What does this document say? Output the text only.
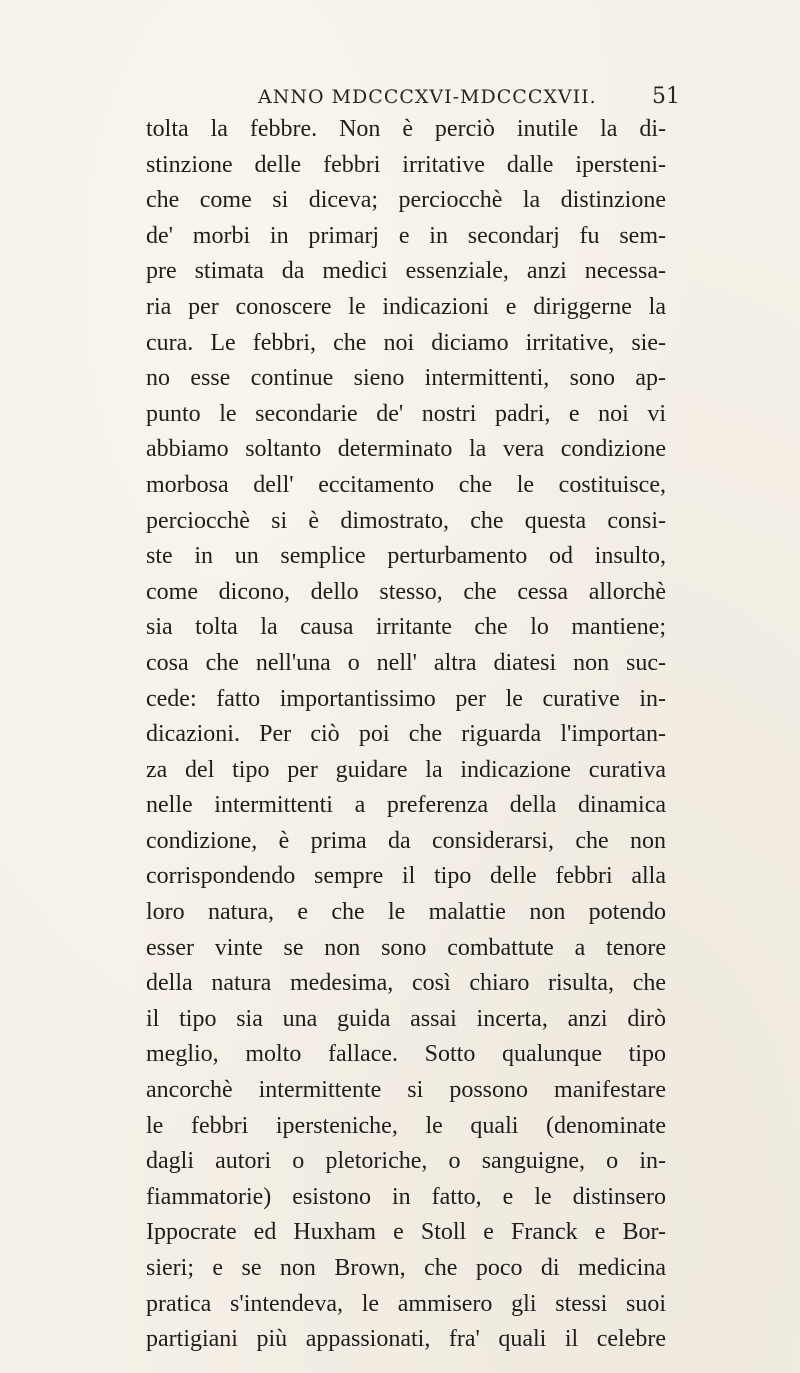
ANNO MDCCCXVI-MDCCCXVII.	51
tolta la febbre. Non è perciò inutile la di-
stinzione delle febbri irritative dalle ipersteni-
che come si diceva; perciocchè la distinzione
de' morbi in primarj e in secondarj fu sem-
pre stimata da medici essenziale, anzi necessa-
ria per conoscere le indicazioni e diriggerne la
cura. Le febbri, che noi diciamo irritative, sie-
no esse continue sieno intermittenti, sono ap-
punto le secondarie de' nostri padri, e noi vi
abbiamo soltanto determinato la vera condizione
morbosa dell' eccitamento che le costituisce,
perciocchè si è dimostrato, che questa consi-
ste in un semplice perturbamento od insulto,
come dicono, dello stesso, che cessa allorchè
sia tolta la causa irritante che lo mantiene;
cosa che nell'una o nell' altra diatesi non suc-
cede: fatto importantissimo per le curative in-
dicazioni. Per ciò poi che riguarda l'importan-
za del tipo per guidare la indicazione curativa
nelle intermittenti a preferenza della dinamica
condizione, è prima da considerarsi, che non
corrispondendo sempre il tipo delle febbri alla
loro natura, e che le malattie non potendo
esser vinte se non sono combattute a tenore
della natura medesima, così chiaro risulta, che
il tipo sia una guida assai incerta, anzi dirò
meglio, molto fallace. Sotto qualunque tipo
ancorchè intermittente si possono manifestare
le febbri ipersteniche, le quali (denominate
dagli autori o pletoriche, o sanguigne, o in-
fiammatorie) esistono in fatto, e le distinsero
Ippocrate ed Huxham e Stoll e Franck e Bor-
sieri; e se non Brown, che poco di medicina
pratica s'intendeva, le ammisero gli stessi suoi
partigiani più appassionati, fra' quali il celebre
